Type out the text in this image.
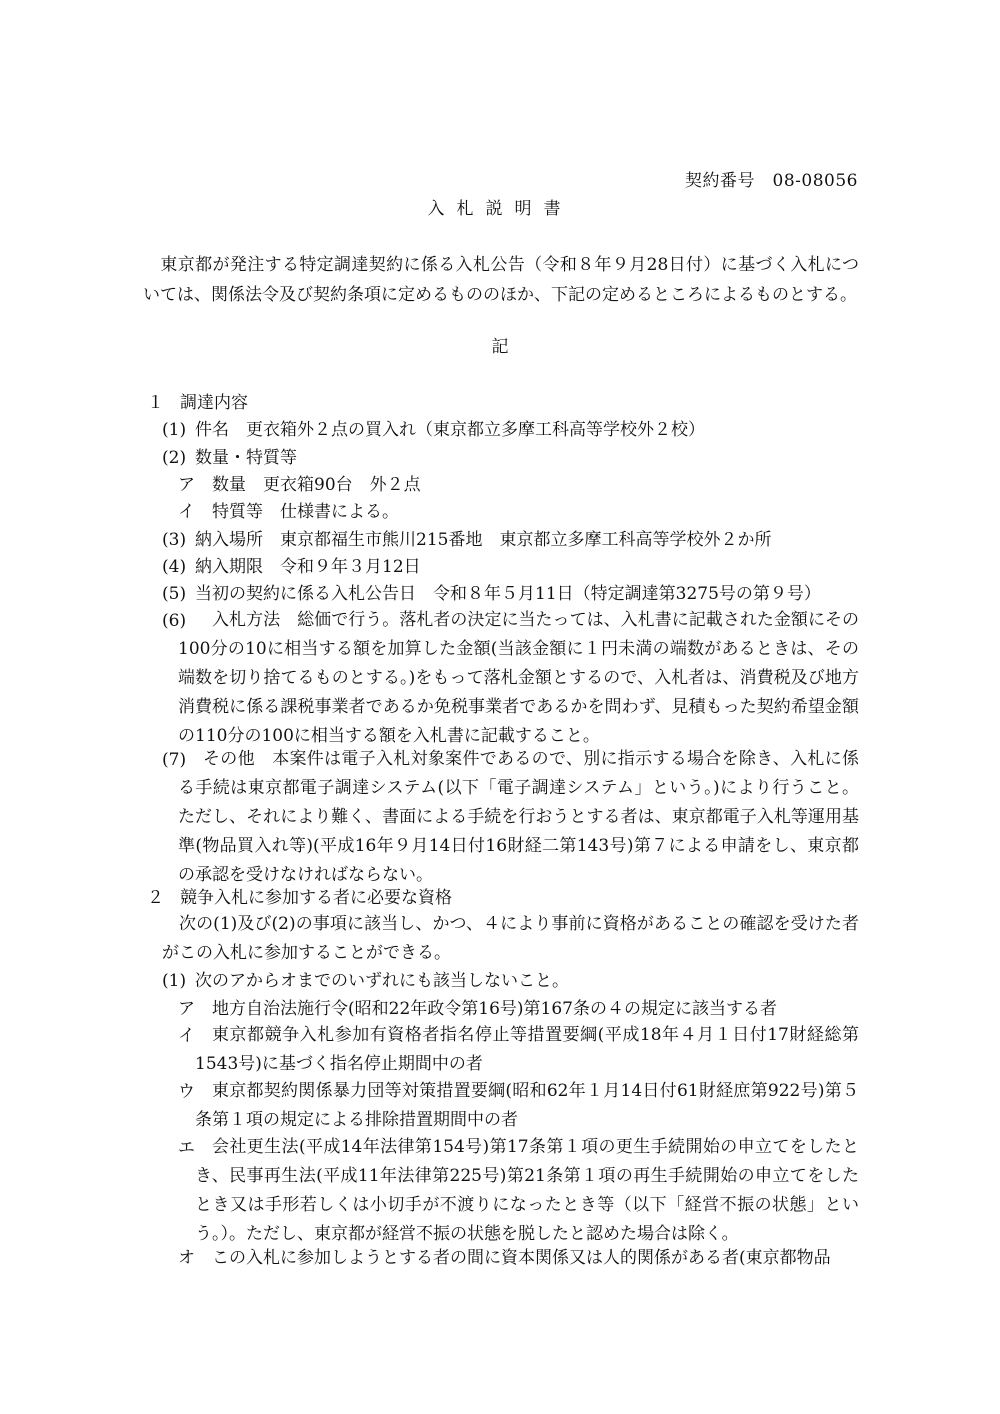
契約番号　08-08056
入札説明書
　東京都が発注する特定調達契約に係る入札公告（令和８年９月28日付）に基づく入札については、関係法令及び契約条項に定めるもののほか、下記の定めるところによるものとする。
記
１ 調達内容
(1) 件名　更衣箱外２点の買入れ（東京都立多摩工科高等学校外２校）
(2) 数量・特質等
ア　数量　更衣箱90台　外２点
イ　特質等　仕様書による。
(3) 納入場所　東京都福生市熊川215番地　東京都立多摩工科高等学校外２か所
(4) 納入期限　令和９年３月12日
(5) 当初の契約に係る入札公告日　令和８年５月11日（特定調達第3275号の第９号）
(6) 　入札方法　総価で行う。落札者の決定に当たっては、入札書に記載された金額にその100分の10に相当する額を加算した金額(当該金額に１円未満の端数があるときは、その端数を切り捨てるものとする。)をもって落札金額とするので、入札者は、消費税及び地方消費税に係る課税事業者であるか免税事業者であるかを問わず、見積もった契約希望金額の110分の100に相当する額を入札書に記載すること。
(7) その他　本案件は電子入札対象案件であるので、別に指示する場合を除き、入札に係る手続は東京都電子調達システム(以下「電子調達システム」という。)により行うこと。ただし、それにより難く、書面による手続を行おうとする者は、東京都電子入札等運用基準(物品買入れ等)(平成16年９月14日付16財経二第143号)第７による申請をし、東京都の承認を受けなければならない。
２ 競争入札に参加する者に必要な資格
次の(1)及び(2)の事項に該当し、かつ、４により事前に資格があることの確認を受けた者がこの入札に参加することができる。
(1) 次のアからオまでのいずれにも該当しないこと。
ア 地方自治法施行令(昭和22年政令第16号)第167条の４の規定に該当する者
イ	東京都競争入札参加有資格者指名停止等措置要綱(平成18年４月１日付17財経総第1543号)に基づく指名停止期間中の者
ウ	東京都契約関係暴力団等対策措置要綱(昭和62年１月14日付61財経庶第922号)第５条第１項の規定による排除措置期間中の者
エ	会社更生法(平成14年法律第154号)第17条第１項の更生手続開始の申立てをしたとき、民事再生法(平成11年法律第225号)第21条第１項の再生手続開始の申立てをしたとき又は手形若しくは小切手が不渡りになったとき等（以下「経営不振の状態」という。）。ただし、東京都が経営不振の状態を脱したと認めた場合は除く。
オ この入札に参加しようとする者の間に資本関係又は人的関係がある者(東京都物品
